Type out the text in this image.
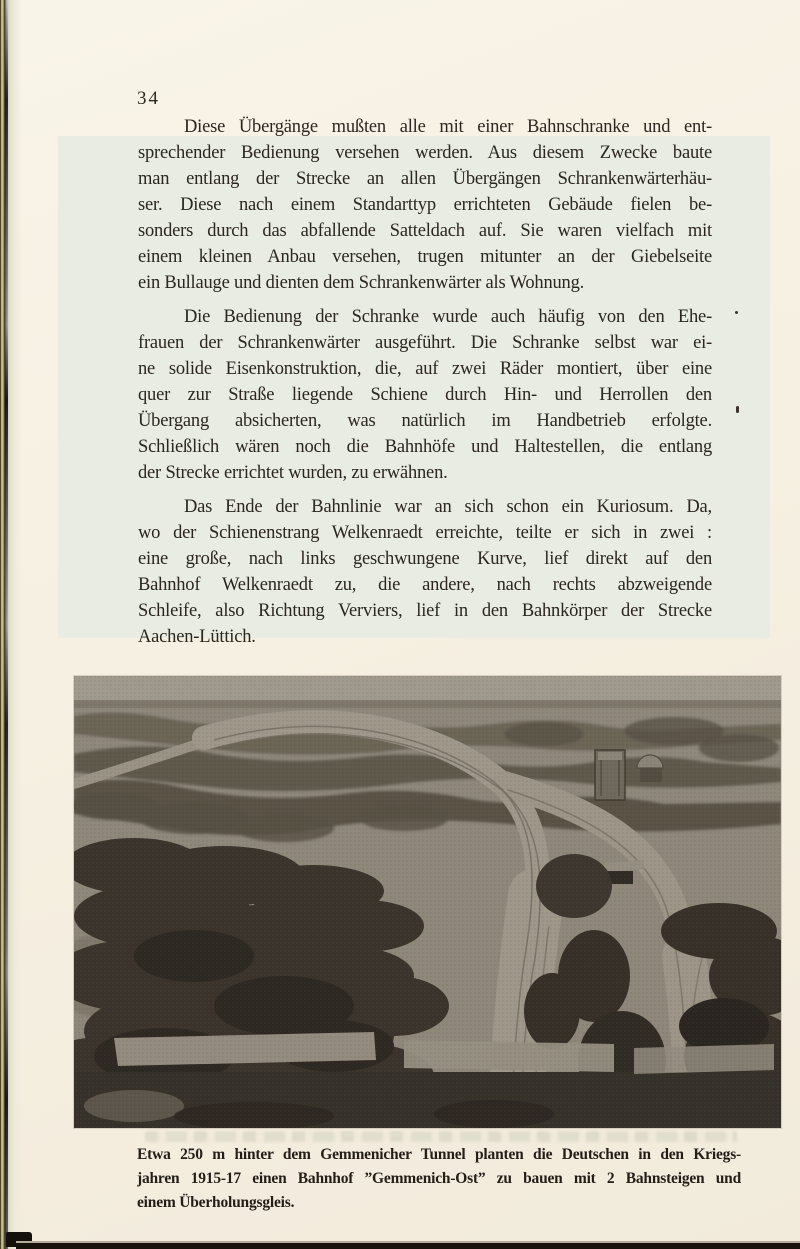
34
Diese Übergänge mußten alle mit einer Bahnschranke und ent-
sprechender Bedienung versehen werden. Aus diesem Zwecke baute
man entlang der Strecke an allen Übergängen Schrankenwärterhäu-
ser. Diese nach einem Standarttyp errichteten Gebäude fielen be-
sonders durch das abfallende Satteldach auf. Sie waren vielfach mit
einem kleinen Anbau versehen, trugen mitunter an der Giebelseite
ein Bullauge und dienten dem Schrankenwärter als Wohnung.
Die Bedienung der Schranke wurde auch häufig von den Ehe-
frauen der Schrankenwärter ausgeführt. Die Schranke selbst war ei-
ne solide Eisenkonstruktion, die, auf zwei Räder montiert, über eine
quer zur Straße liegende Schiene durch Hin- und Herrollen den
Übergang absicherten, was natürlich im Handbetrieb erfolgte.
Schließlich wären noch die Bahnhöfe und Haltestellen, die entlang
der Strecke errichtet wurden, zu erwähnen.
Das Ende der Bahnlinie war an sich schon ein Kuriosum. Da,
wo der Schienenstrang Welkenraedt erreichte, teilte er sich in zwei :
eine große, nach links geschwungene Kurve, lief direkt auf den
Bahnhof Welkenraedt zu, die andere, nach rechts abzweigende
Schleife, also Richtung Verviers, lief in den Bahnkörper der Strecke
Aachen-Lüttich.
Etwa 250 m hinter dem Gemmenicher Tunnel planten die Deutschen in den Kriegs-
jahren 1915-17 einen Bahnhof ”Gemmenich-Ost” zu bauen mit 2 Bahnsteigen und
einem Überholungsgleis.
